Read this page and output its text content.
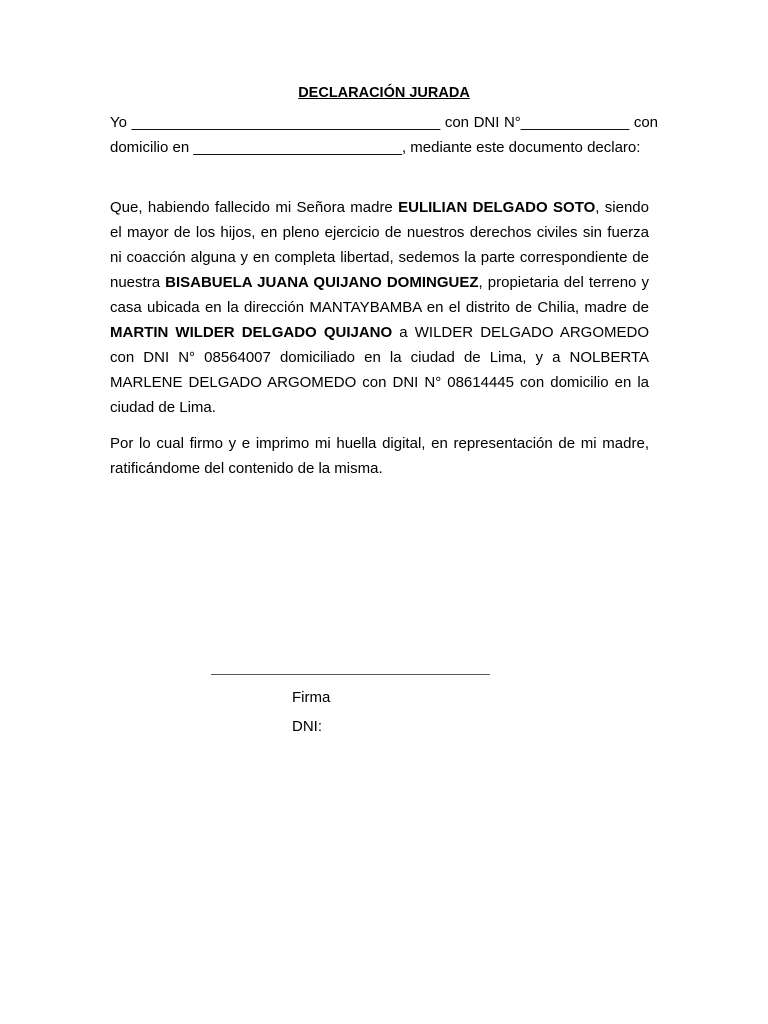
DECLARACIÓN JURADA

Yo _____________________________________ con DNI N°_____________ con domicilio en _________________________, mediante este documento declaro:

Que, habiendo fallecido mi Señora madre EULILIAN DELGADO SOTO, siendo el mayor de los hijos, en pleno ejercicio de nuestros derechos civiles sin fuerza ni coacción alguna y en completa libertad, sedemos la parte correspondiente de nuestra BISABUELA JUANA QUIJANO DOMINGUEZ, propietaria del terreno y casa ubicada en la dirección MANTAYBAMBA en el distrito de Chilia, madre de MARTIN WILDER DELGADO QUIJANO a WILDER DELGADO ARGOMEDO con DNI N° 08564007 domiciliado en la ciudad de Lima, y a NOLBERTA MARLENE DELGADO ARGOMEDO con DNI N° 08614445 con domicilio en la ciudad de Lima.

Por lo cual firmo y e imprimo mi huella digital, en representación de mi madre, ratificándome del contenido de la misma.

Firma
DNI:
